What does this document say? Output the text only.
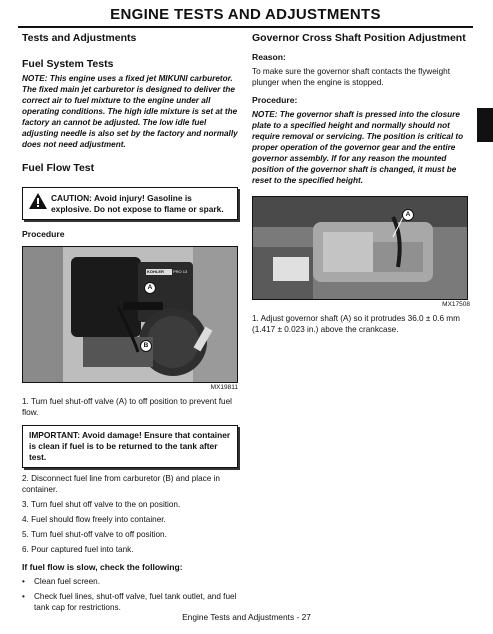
ENGINE TESTS AND ADJUSTMENTS
Tests and Adjustments
Fuel System Tests
NOTE: This engine uses a fixed jet MIKUNI carburetor. The fixed main jet carburetor is designed to deliver the correct air to fuel mixture to the engine under all operating conditions. The high idle mixture is set at the factory an cannot be adjusted. The low idle fuel adjusting needle is also set by the factory and normally does not need adjustment.
Fuel Flow Test
CAUTION: Avoid injury! Gasoline is explosive. Do not expose to flame or spark.
Procedure
KOHLER PRO 13
A
B
MX19811
1. Turn fuel shut-off valve (A) to off position to prevent fuel flow.
IMPORTANT: Avoid damage! Ensure that container is clean if fuel is to be returned to the tank after test.
2. Disconnect fuel line from carburetor (B) and place in container.
3. Turn fuel shut off valve to the on position.
4. Fuel should flow freely into container.
5. Turn fuel shut-off valve to off position.
6. Pour captured fuel into tank.
If fuel flow is slow, check the following:
•	Clean fuel screen.
•	Check fuel lines, shut-off valve, fuel tank outlet, and fuel tank cap for restrictions.
Governor Cross Shaft Position Adjustment
Reason:
To make sure the governor shaft contacts the flyweight plunger when the engine is stopped.
Procedure:
NOTE: The governor shaft is pressed into the closure plate to a specified height and normally should not require removal or servicing. The position is critical to proper operation of the governor gear and the entire governor assembly. If for any reason the mounted position of the governor shaft is changed, it must be reset to the specified height.
A
MX17508
1. Adjust governor shaft (A) so it protrudes 36.0 ± 0.6 mm (1.417 ± 0.023 in.) above the crankcase.
Engine Tests and Adjustments - 27
